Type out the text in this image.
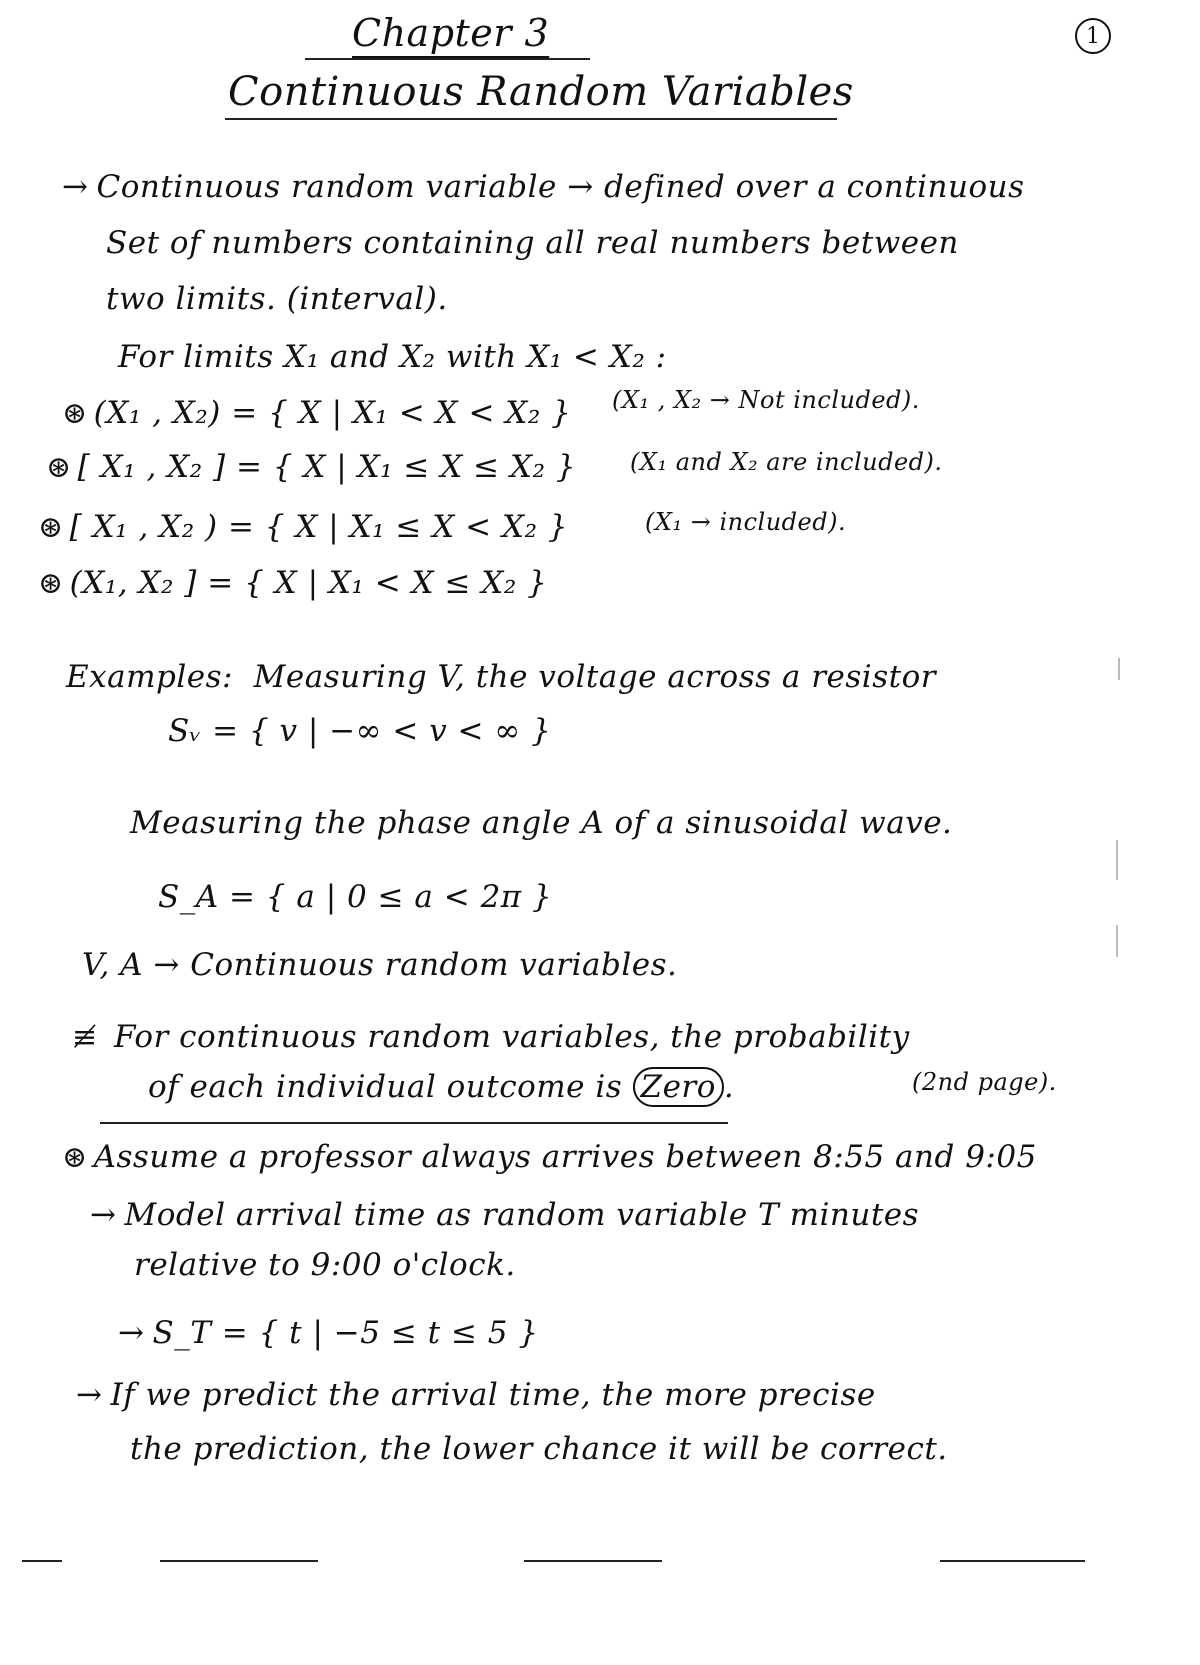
Chapter 3	1
Continuous Random Variables
→ Continuous random variable → defined over a continuous
Set of numbers containing all real numbers between
two limits. (interval).
For limits X₁ and X₂ with X₁ < X₂ :
⊛ (X₁ , X₂) = { X | X₁ < X < X₂ } (X₁ , X₂ → Not included).
⊛ [ X₁ , X₂ ] = { X | X₁ ≤ X ≤ X₂ } (X₁ and X₂ are included).
⊛ [ X₁ , X₂ ) = { X | X₁ ≤ X < X₂ }	(X₁ → included).
⊛ (X₁, X₂ ] = { X | X₁ < X ≤ X₂ }
Examples: Measuring V, the voltage across a resistor
Sᵥ = { v | −∞ < v < ∞ }
Measuring the phase angle A of a sinusoidal wave.
S_A = { a | 0 ≤ a < 2π }
V, A → Continuous random variables.
≢ For continuous random variables, the probability
of each individual outcome is Zero .	(2nd page).
⊛ Assume a professor always arrives between 8:55 and 9:05
→ Model arrival time as random variable T minutes
relative to 9:00 o'clock.
→ S_T = { t | −5 ≤ t ≤ 5 }
→ If we predict the arrival time, the more precise
the prediction, the lower chance it will be correct.
